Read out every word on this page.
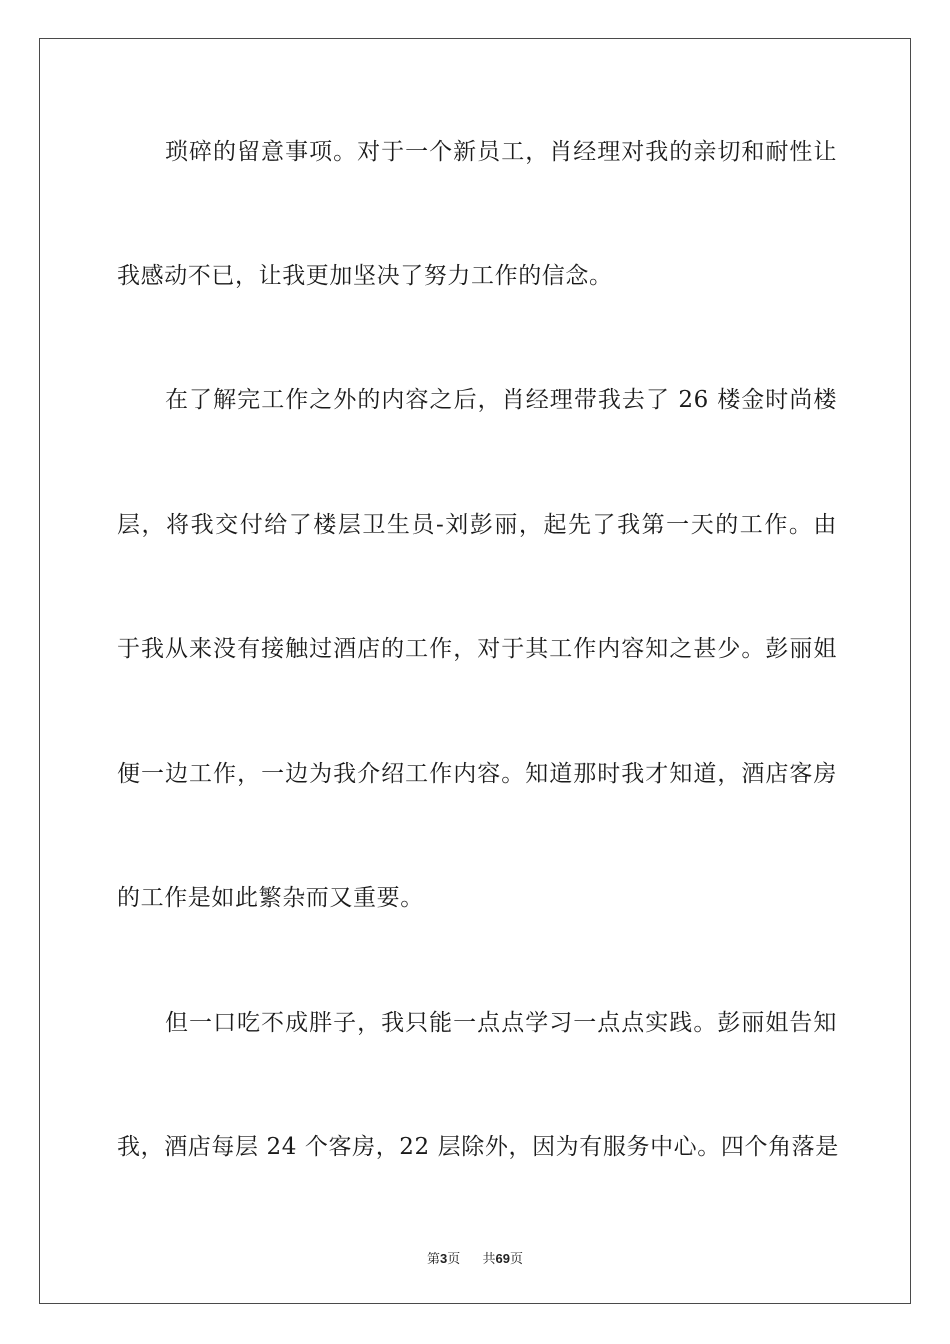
琐碎的留意事项。对于一个新员工，肖经理对我的亲切和耐性让
我感动不已，让我更加坚决了努力工作的信念。
在了解完工作之外的内容之后，肖经理带我去了 26 楼金时尚楼
层，将我交付给了楼层卫生员-刘彭丽，起先了我第一天的工作。由
于我从来没有接触过酒店的工作，对于其工作内容知之甚少。彭丽姐
便一边工作，一边为我介绍工作内容。知道那时我才知道，酒店客房
的工作是如此繁杂而又重要。
但一口吃不成胖子，我只能一点点学习一点点实践。彭丽姐告知
我，酒店每层 24 个客房，22 层除外，因为有服务中心。四个角落是
第3页 共69页
